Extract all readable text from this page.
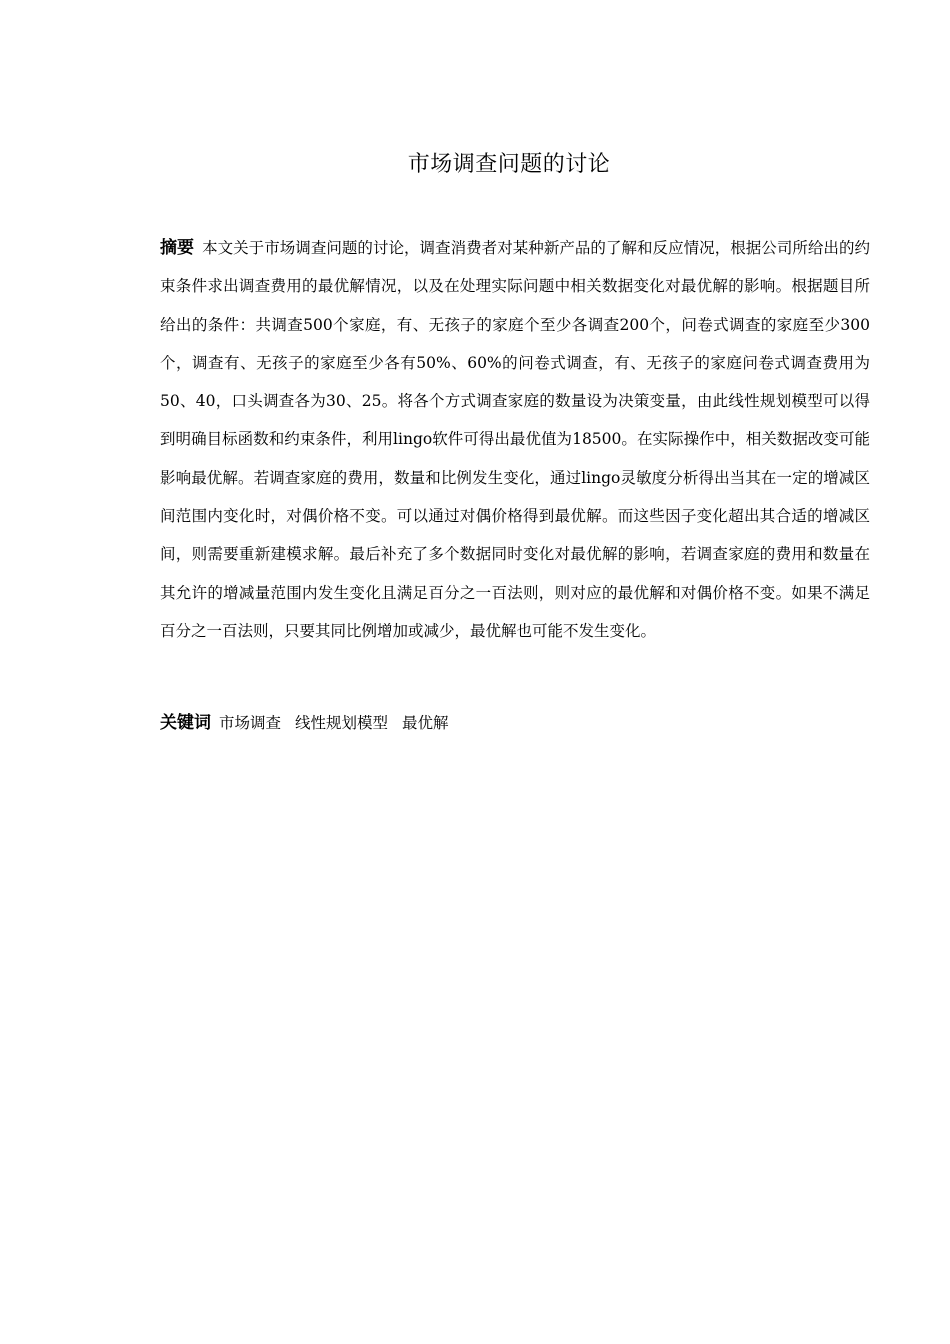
市场调查问题的讨论
摘要 本文关于市场调查问题的讨论，调查消费者对某种新产品的了解和反应情况，根据公司所给出的约束条件求出调查费用的最优解情况，以及在处理实际问题中相关数据变化对最优解的影响。根据题目所给出的条件：共调查500个家庭，有、无孩子的家庭个至少各调查200个，问卷式调查的家庭至少300个，调查有、无孩子的家庭至少各有50%、60%的问卷式调查，有、无孩子的家庭问卷式调查费用为50、40，口头调查各为30、25。将各个方式调查家庭的数量设为决策变量，由此线性规划模型可以得到明确目标函数和约束条件，利用lingo软件可得出最优值为18500。在实际操作中，相关数据改变可能影响最优解。若调查家庭的费用，数量和比例发生变化，通过lingo灵敏度分析得出当其在一定的增减区间范围内变化时，对偶价格不变。可以通过对偶价格得到最优解。而这些因子变化超出其合适的增减区间，则需要重新建模求解。最后补充了多个数据同时变化对最优解的影响，若调查家庭的费用和数量在其允许的增减量范围内发生变化且满足百分之一百法则，则对应的最优解和对偶价格不变。如果不满足百分之一百法则，只要其同比例增加或减少，最优解也可能不发生变化。
关键词 市场调查 线性规划模型 最优解
